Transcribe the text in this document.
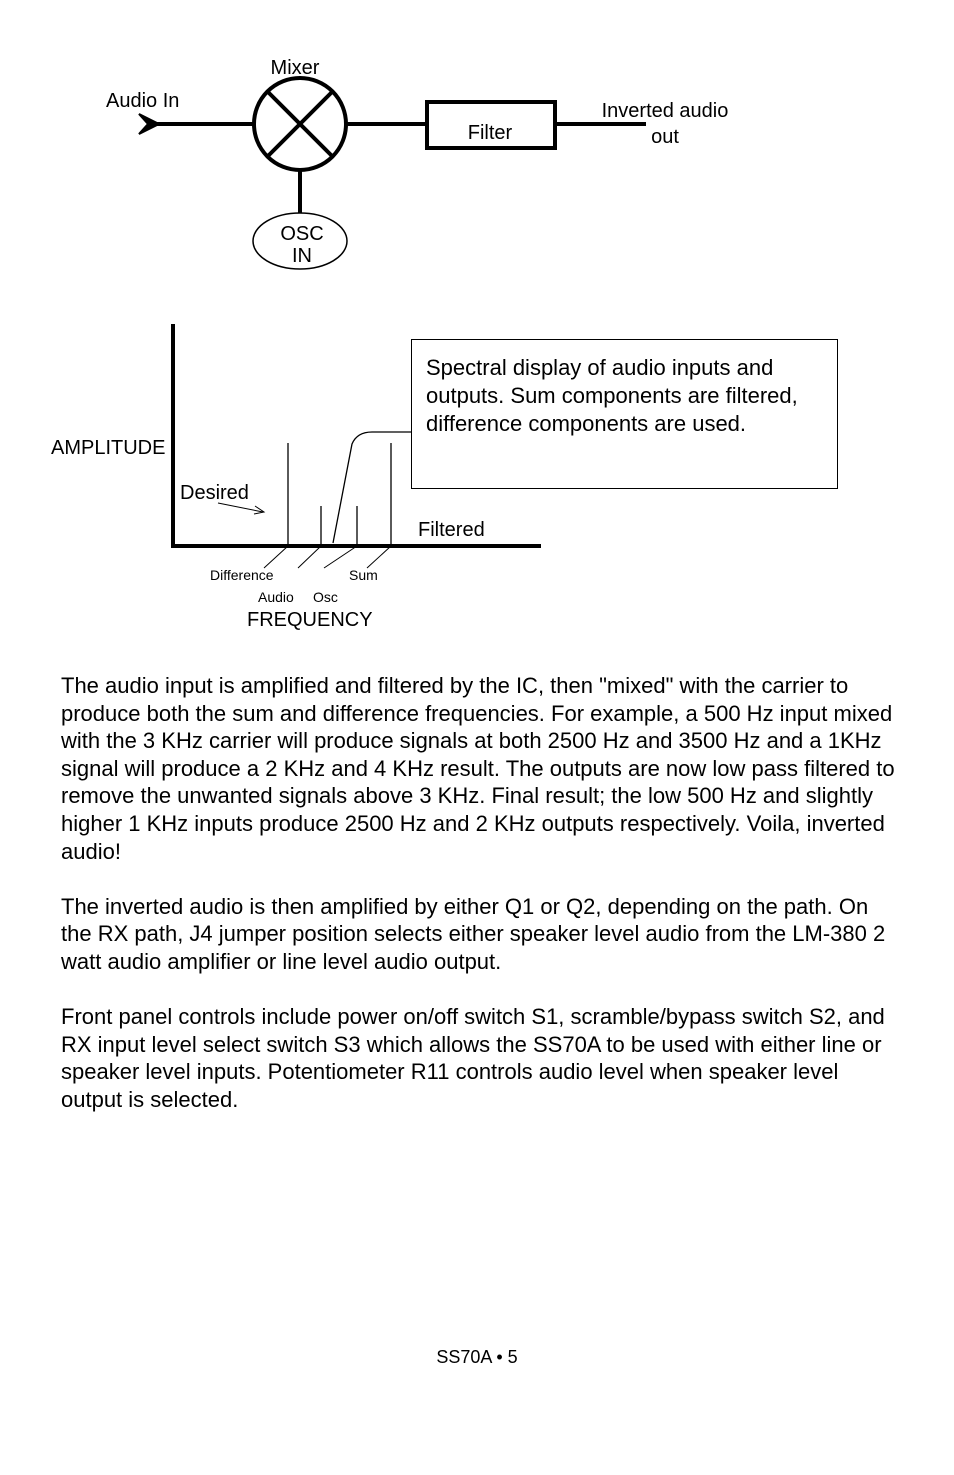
Mixer
Audio In
Filter
Inverted audio
out
OSC
IN
AMPLITUDE
Desired
Filtered
Difference	Sum
Audio Osc
FREQUENCY
Spectral display of audio inputs and outputs. Sum components are filtered, difference components are used.

The audio input is amplified and filtered by the IC, then "mixed" with the carrier to produce both the sum and difference frequencies. For example, a 500 Hz input mixed with the 3 KHz carrier will produce signals at both 2500 Hz and 3500 Hz and a 1KHz signal will produce a 2 KHz and 4 KHz result. The outputs are now low pass filtered to remove the unwanted signals above 3 KHz. Final result; the low 500 Hz and slightly higher 1 KHz inputs produce 2500 Hz and 2 KHz outputs respectively. Voila, inverted audio!

The inverted audio is then amplified by either Q1 or Q2, depending on the path. On the RX path, J4 jumper position selects either speaker level audio from the LM-380 2 watt audio amplifier or line level audio output.

Front panel controls include power on/off switch S1, scramble/bypass switch S2, and RX input level select switch S3 which allows the SS70A to be used with either line or speaker level inputs. Potentiometer R11 controls audio level when speaker level output is selected.

SS70A • 5
